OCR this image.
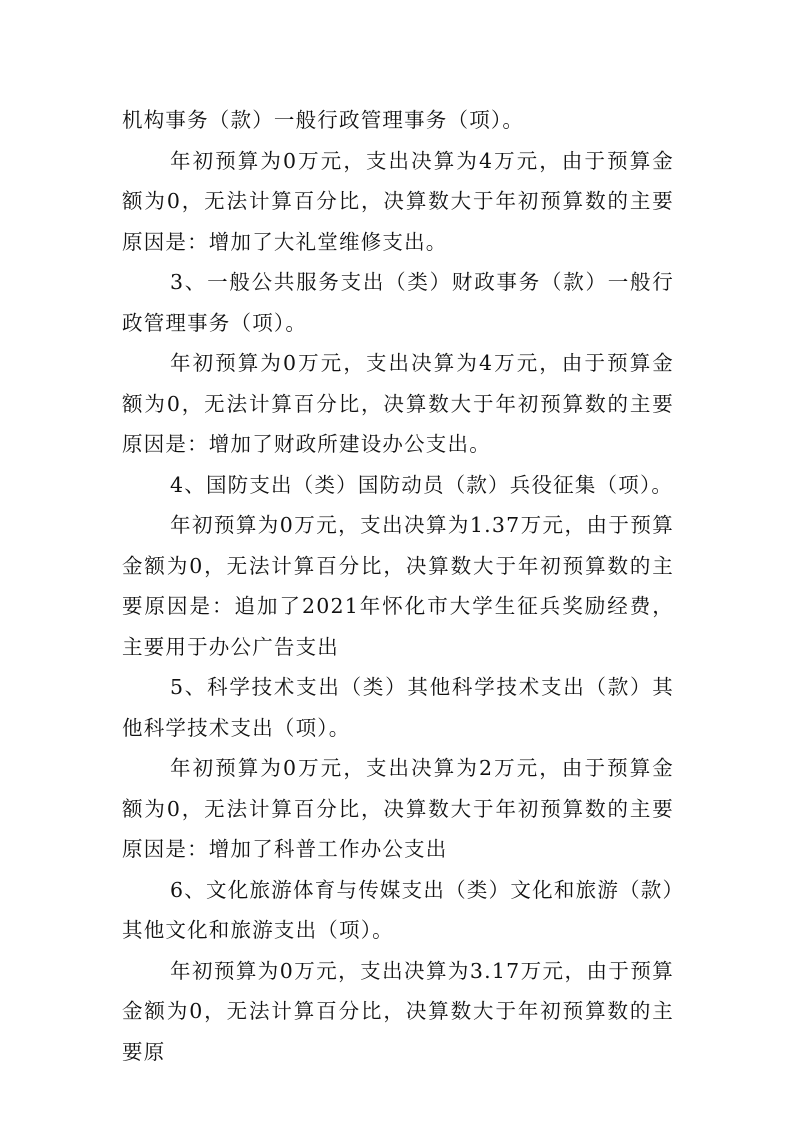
机构事务（款）一般行政管理事务（项）。

年初预算为0万元，支出决算为4万元，由于预算金额为0，无法计算百分比，决算数大于年初预算数的主要原因是：增加了大礼堂维修支出。

3、一般公共服务支出（类）财政事务（款）一般行政管理事务（项）。

年初预算为0万元，支出决算为4万元，由于预算金额为0，无法计算百分比，决算数大于年初预算数的主要原因是：增加了财政所建设办公支出。

4、国防支出（类）国防动员（款）兵役征集（项）。

年初预算为0万元，支出决算为1.37万元，由于预算金额为0，无法计算百分比，决算数大于年初预算数的主要原因是：追加了2021年怀化市大学生征兵奖励经费，主要用于办公广告支出

5、科学技术支出（类）其他科学技术支出（款）其他科学技术支出（项）。

年初预算为0万元，支出决算为2万元，由于预算金额为0，无法计算百分比，决算数大于年初预算数的主要原因是：增加了科普工作办公支出

6、文化旅游体育与传媒支出（类）文化和旅游（款）其他文化和旅游支出（项）。

年初预算为0万元，支出决算为3.17万元，由于预算金额为0，无法计算百分比，决算数大于年初预算数的主要原
